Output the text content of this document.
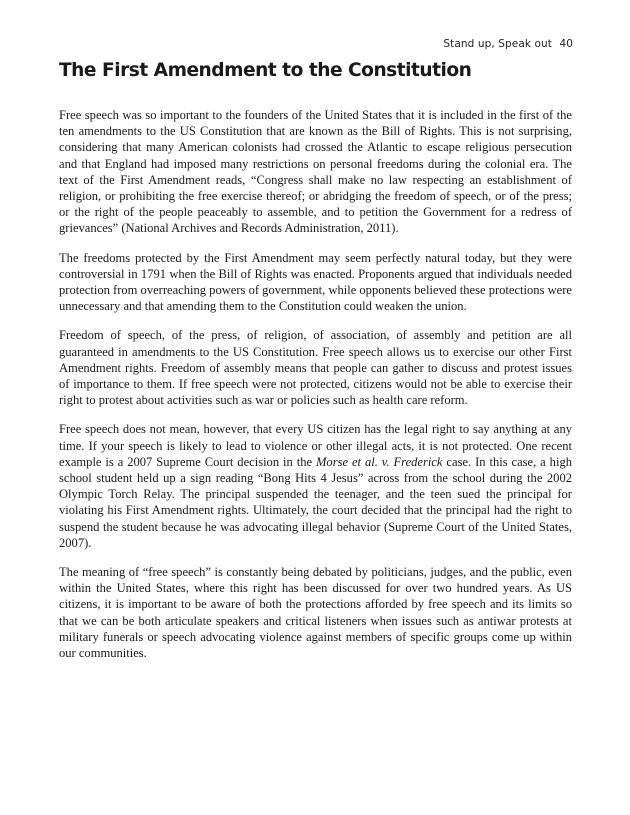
Stand up, Speak out 40
The First Amendment to the Constitution

Free speech was so important to the founders of the United States that it is included in the first of the ten amendments to the US Constitution that are known as the Bill of Rights. This is not surprising, considering that many American colonists had crossed the Atlantic to escape religious persecution and that England had imposed many restrictions on personal freedoms during the colonial era. The text of the First Amendment reads, “Congress shall make no law respecting an establishment of religion, or prohibiting the free exercise thereof; or abridging the freedom of speech, or of the press; or the right of the people peaceably to assemble, and to petition the Government for a redress of grievances” (National Archives and Records Administration, 2011).

The freedoms protected by the First Amendment may seem perfectly natural today, but they were controversial in 1791 when the Bill of Rights was enacted. Proponents argued that individuals needed protection from overreaching powers of government, while opponents believed these protections were unnecessary and that amending them to the Constitution could weaken the union.

Freedom of speech, of the press, of religion, of association, of assembly and petition are all guaranteed in amendments to the US Constitution. Free speech allows us to exercise our other First Amendment rights. Freedom of assembly means that people can gather to discuss and protest issues of importance to them. If free speech were not protected, citizens would not be able to exercise their right to protest about activities such as war or policies such as health care reform.

Free speech does not mean, however, that every US citizen has the legal right to say anything at any time. If your speech is likely to lead to violence or other illegal acts, it is not protected. One recent example is a 2007 Supreme Court decision in the Morse et al. v. Frederick case. In this case, a high school student held up a sign reading “Bong Hits 4 Jesus” across from the school during the 2002 Olympic Torch Relay. The principal suspended the teenager, and the teen sued the principal for violating his First Amendment rights. Ultimately, the court decided that the principal had the right to suspend the student because he was advocating illegal behavior (Supreme Court of the United States, 2007).

The meaning of “free speech” is constantly being debated by politicians, judges, and the public, even within the United States, where this right has been discussed for over two hundred years. As US citizens, it is important to be aware of both the protections afforded by free speech and its limits so that we can be both articulate speakers and critical listeners when issues such as antiwar protests at military funerals or speech advocating violence against members of specific groups come up within our communities.
